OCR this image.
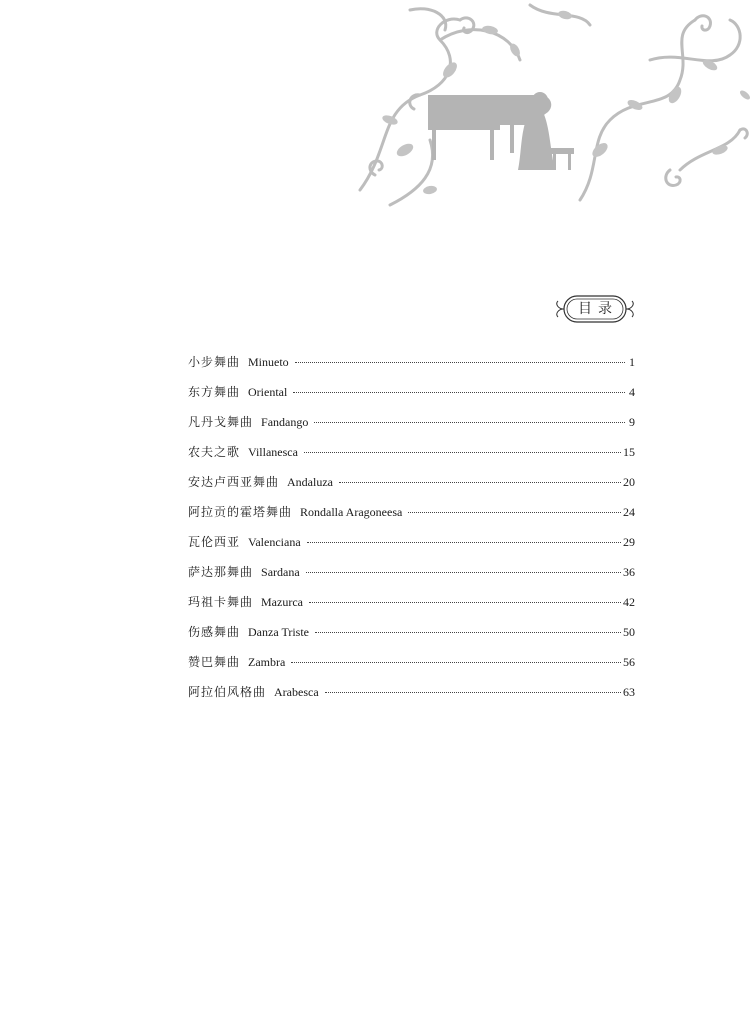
目录
小步舞曲 Minueto	1
东方舞曲 Oriental	4
凡丹戈舞曲 Fandango	9
农夫之歌 Villanesca	15
安达卢西亚舞曲 Andaluza	20
阿拉贡的霍塔舞曲 Rondalla Aragoneesa	24
瓦伦西亚 Valenciana	29
萨达那舞曲 Sardana	36
玛祖卡舞曲 Mazurca	42
伤感舞曲 Danza Triste	50
赞巴舞曲 Zambra	56
阿拉伯风格曲 Arabesca	63
